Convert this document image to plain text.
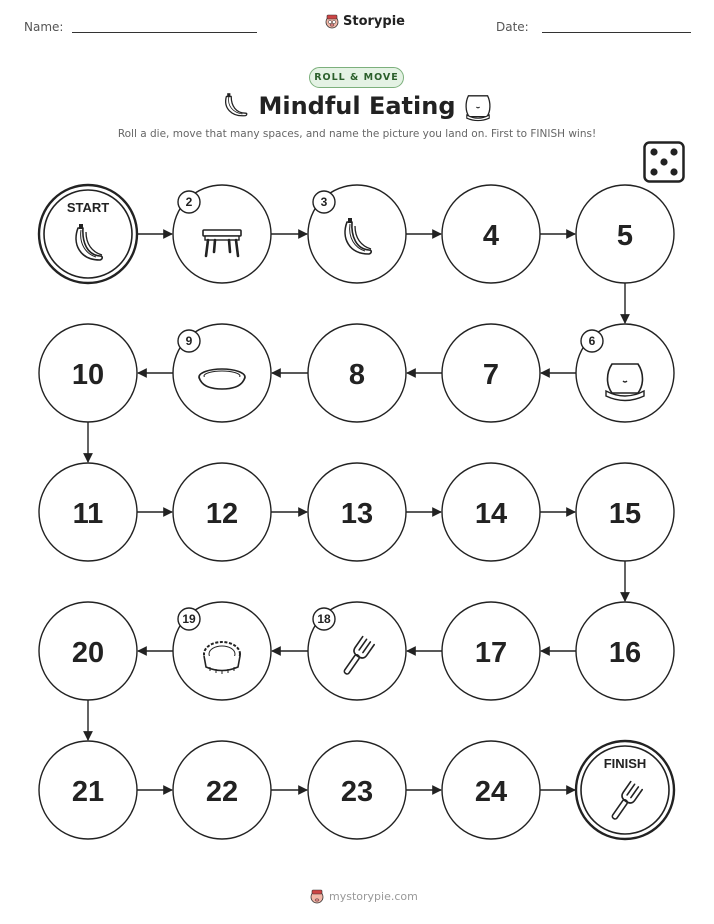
Name:	Storypie	Date:
ROLL & MOVE
Mindful Eating
Roll a die, move that many spaces, and name the picture you land on. First to FINISH wins!
START	2	3
4	5
6
7
8
9
10
11	12	13	14	15
16
17
18
19
20
21	22	23	24
FINISH
mystorypie.com
